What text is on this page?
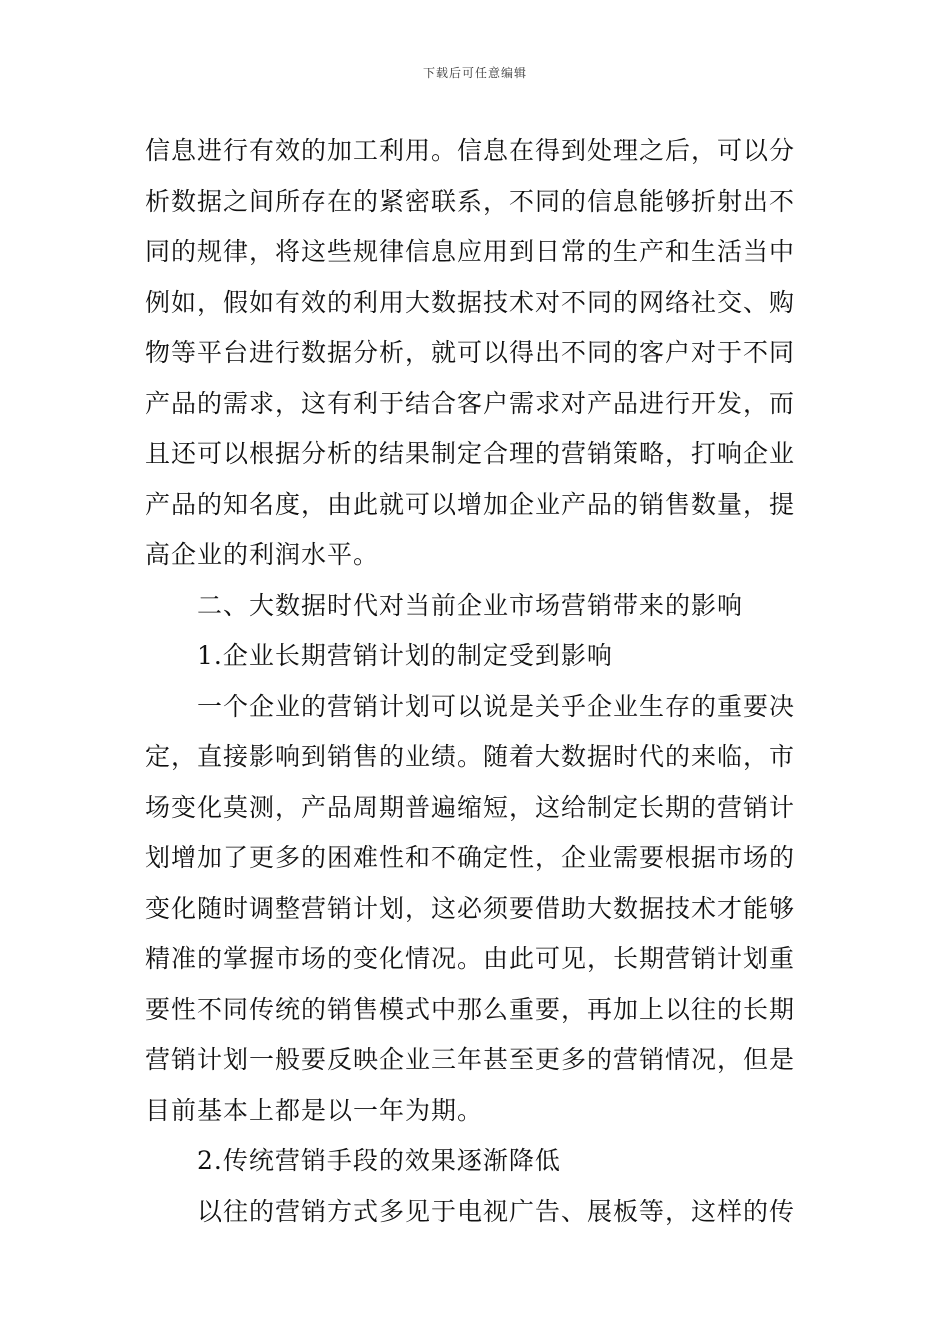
下载后可任意编辑
信息进行有效的加工利用。信息在得到处理之后，可以分
析数据之间所存在的紧密联系，不同的信息能够折射出不
同的规律，将这些规律信息应用到日常的生产和生活当中
例如，假如有效的利用大数据技术对不同的网络社交、购
物等平台进行数据分析，就可以得出不同的客户对于不同
产品的需求，这有利于结合客户需求对产品进行开发，而
且还可以根据分析的结果制定合理的营销策略，打响企业
产品的知名度，由此就可以增加企业产品的销售数量，提
高企业的利润水平。
二、大数据时代对当前企业市场营销带来的影响
1.企业长期营销计划的制定受到影响
一个企业的营销计划可以说是关乎企业生存的重要决
定，直接影响到销售的业绩。随着大数据时代的来临，市
场变化莫测，产品周期普遍缩短，这给制定长期的营销计
划增加了更多的困难性和不确定性，企业需要根据市场的
变化随时调整营销计划，这必须要借助大数据技术才能够
精准的掌握市场的变化情况。由此可见，长期营销计划重
要性不同传统的销售模式中那么重要，再加上以往的长期
营销计划一般要反映企业三年甚至更多的营销情况，但是
目前基本上都是以一年为期。
2.传统营销手段的效果逐渐降低
以往的营销方式多见于电视广告、展板等，这样的传
